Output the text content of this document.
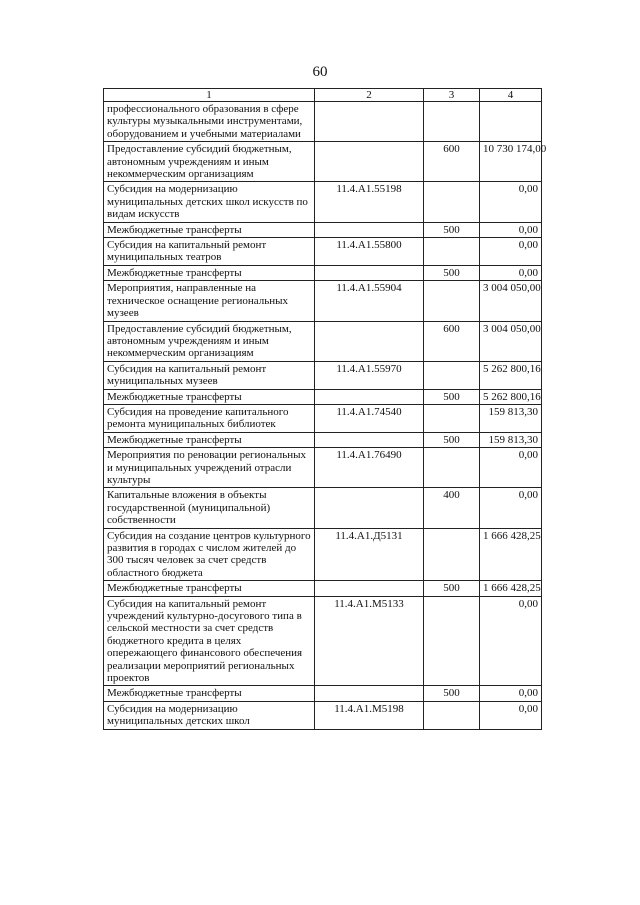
60
1	2	3	4
профессионального образования в сфере культуры музыкальными инструментами, оборудованием и учебными материалами			
Предоставление субсидий бюджетным, автономным учреждениям и иным некоммерческим организациям		600	10 730 174,00
Субсидия на модернизацию муниципальных детских школ искусств по видам искусств	11.4.A1.55198		0,00
Межбюджетные трансферты		500	0,00
Субсидия на капитальный ремонт муниципальных театров	11.4.A1.55800		0,00
Межбюджетные трансферты		500	0,00
Мероприятия, направленные на техническое оснащение региональных музеев	11.4.A1.55904		3 004 050,00
Предоставление субсидий бюджетным, автономным учреждениям и иным некоммерческим организациям		600	3 004 050,00
Субсидия на капитальный ремонт муниципальных музеев	11.4.A1.55970		5 262 800,16
Межбюджетные трансферты		500	5 262 800,16
Субсидия на проведение капитального ремонта муниципальных библиотек	11.4.A1.74540		159 813,30
Межбюджетные трансферты		500	159 813,30
Мероприятия по реновации региональных и муниципальных учреждений отрасли культуры	11.4.A1.76490		0,00
Капитальные вложения в объекты государственной (муниципальной) собственности		400	0,00
Субсидия на создание центров культурного развития в городах с числом жителей до 300 тысяч человек за счет средств областного бюджета	11.4.A1.Д5131		1 666 428,25
Межбюджетные трансферты		500	1 666 428,25
Субсидия на капитальный ремонт учреждений культурно-досугового типа в сельской местности за счет средств бюджетного кредита в целях опережающего финансового обеспечения реализации мероприятий региональных проектов	11.4.A1.M5133		0,00
Межбюджетные трансферты		500	0,00
Субсидия на модернизацию муниципальных детских школ	11.4.A1.M5198		0,00
